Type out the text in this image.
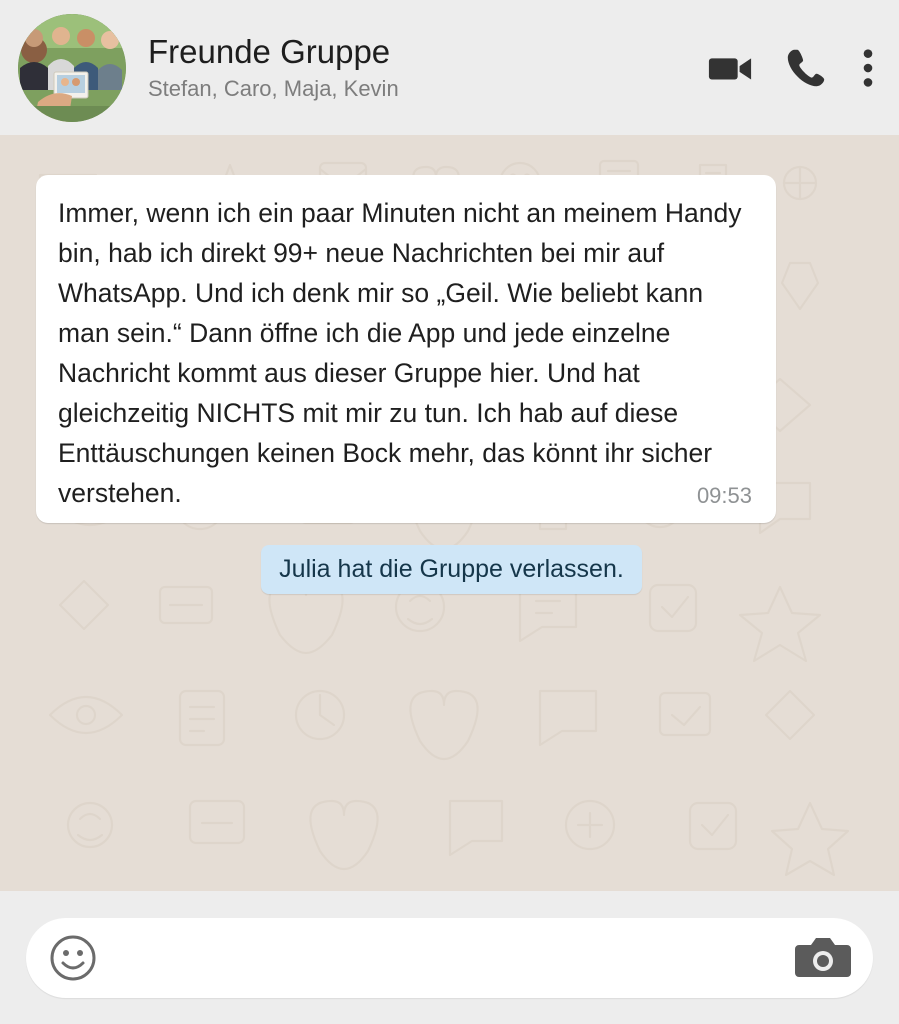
Freunde Gruppe
Stefan, Caro, Maja, Kevin
Immer, wenn ich ein paar Minuten nicht an meinem Handy bin, hab ich direkt 99+ neue Nachrichten bei mir auf WhatsApp. Und ich denk mir so „Geil. Wie beliebt kann man sein.“ Dann öffne ich die App und jede einzelne Nachricht kommt aus dieser Gruppe hier. Und hat gleichzeitig NICHTS mit mir zu tun. Ich hab auf diese Enttäuschungen keinen Bock mehr, das könnt ihr sicher verstehen.	09:53
Julia hat die Gruppe verlassen.
